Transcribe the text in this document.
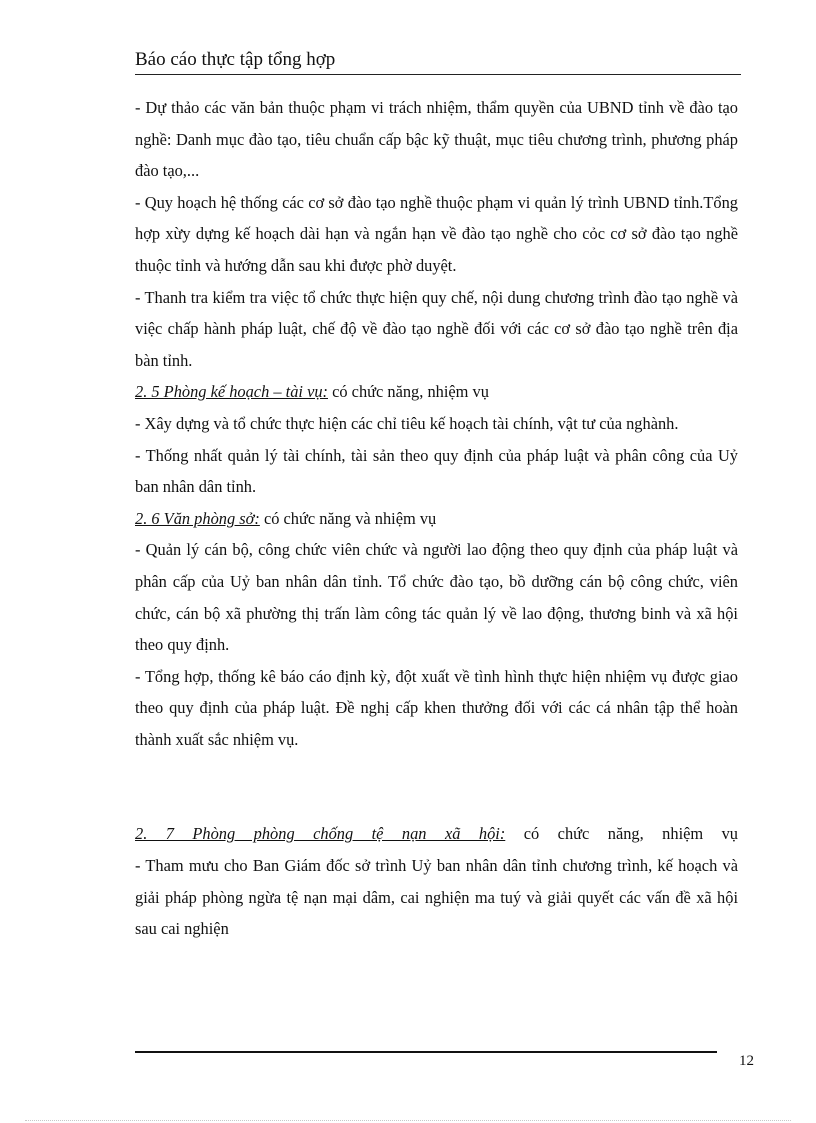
Báo cáo thực tập tổng hợp

- Dự thảo các văn bản thuộc phạm vi trách nhiệm, thẩm quyền của UBND tỉnh về đào tạo nghề: Danh mục đào tạo, tiêu chuẩn cấp bậc kỹ thuật, mục tiêu chương trình, phương pháp đào tạo,...

- Quy hoạch hệ thống các cơ sở đào tạo nghề thuộc phạm vi quản lý trình UBND tỉnh.Tổng hợp xừy dựng kế hoạch dài hạn và ngắn hạn về đào tạo nghề cho cỏc cơ sở đào tạo nghề thuộc tỉnh và hướng dẫn sau khi được phờ duyệt.

- Thanh tra kiểm tra việc tổ chức thực hiện quy chế, nội dung chương trình đào tạo nghề và việc chấp hành pháp luật, chế độ về đào tạo nghề đối với các cơ sở đào tạo nghề trên địa bàn tỉnh.

2. 5 Phòng kế hoạch – tài vụ: có chức năng, nhiệm vụ

- Xây dựng và tổ chức thực hiện các chỉ tiêu kế hoạch tài chính, vật tư của nghành.

- Thống nhất quản lý tài chính, tài sản theo quy định của pháp luật và phân công của Uỷ ban nhân dân tỉnh.

2. 6 Văn phòng sở: có chức năng và nhiệm vụ

- Quản lý cán bộ, công chức viên chức và người lao động theo quy định của pháp luật và phân cấp của Uỷ ban nhân dân tỉnh. Tổ chức đào tạo, bồ dưỡng cán bộ công chức, viên chức, cán bộ xã phường thị trấn làm công tác quản lý về lao động, thương binh và xã hội theo quy định.

- Tổng hợp, thống kê báo cáo định kỳ, đột xuất về tình hình thực hiện nhiệm vụ được giao theo quy định của pháp luật. Đề nghị cấp khen thưởng đối với các cá nhân tập thể hoàn thành xuất sắc nhiệm vụ.

2. 7 Phòng phòng chống tệ nạn xã hội: có chức năng, nhiệm vụ

- Tham mưu cho Ban Giám đốc sở trình Uỷ ban nhân dân tỉnh chương trình, kế hoạch và giải pháp phòng ngừa tệ nạn mại dâm, cai nghiện ma tuý và giải quyết các vấn đề xã hội sau cai nghiện

12
